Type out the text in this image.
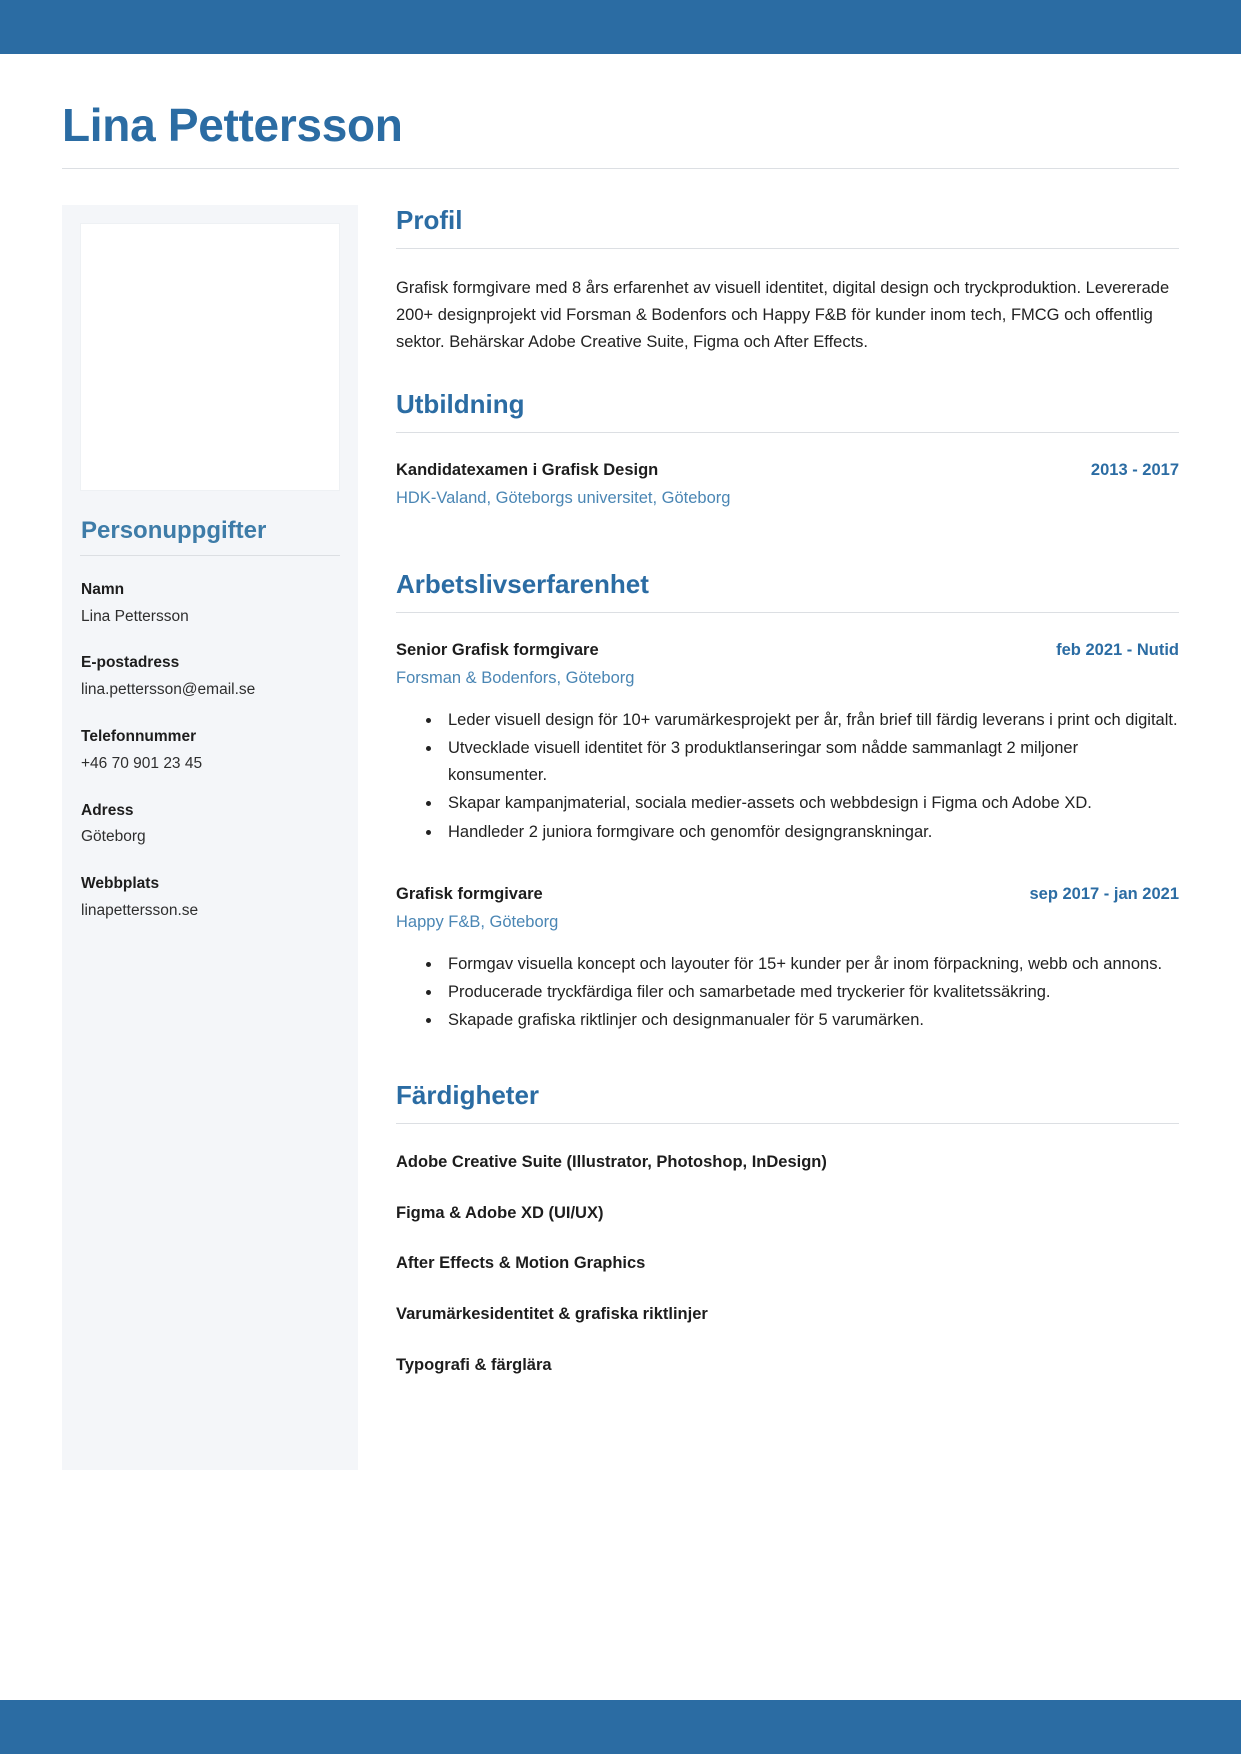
Lina Pettersson
Personuppgifter
Namn
Lina Pettersson
E-postadress
lina.pettersson@email.se
Telefonnummer
+46 70 901 23 45
Adress
Göteborg
Webbplats
linapettersson.se
Profil

Grafisk formgivare med 8 års erfarenhet av visuell identitet, digital design och tryckproduktion. Levererade 200+ designprojekt vid Forsman & Bodenfors och Happy F&B för kunder inom tech, FMCG och offentlig sektor. Behärskar Adobe Creative Suite, Figma och After Effects.

Utbildning
Kandidatexamen i Grafisk Design	2013 - 2017
HDK-Valand, Göteborgs universitet, Göteborg
Arbetslivserfarenhet
Senior Grafisk formgivare	feb 2021 - Nutid
Forsman & Bodenfors, Göteborg
• Leder visuell design för 10+ varumärkesprojekt per år, från brief till färdig leverans i print och digitalt.
• Utvecklade visuell identitet för 3 produktlanseringar som nådde sammanlagt 2 miljoner konsumenter.
• Skapar kampanjmaterial, sociala medier-assets och webbdesign i Figma och Adobe XD.
• Handleder 2 juniora formgivare och genomför designgranskningar.
Grafisk formgivare	sep 2017 - jan 2021
Happy F&B, Göteborg
• Formgav visuella koncept och layouter för 15+ kunder per år inom förpackning, webb och annons.
• Producerade tryckfärdiga filer och samarbetade med tryckerier för kvalitetssäkring.
• Skapade grafiska riktlinjer och designmanualer för 5 varumärken.
Färdigheter
Adobe Creative Suite (Illustrator, Photoshop, InDesign)
Figma & Adobe XD (UI/UX)
After Effects & Motion Graphics
Varumärkesidentitet & grafiska riktlinjer
Typografi & färglära
